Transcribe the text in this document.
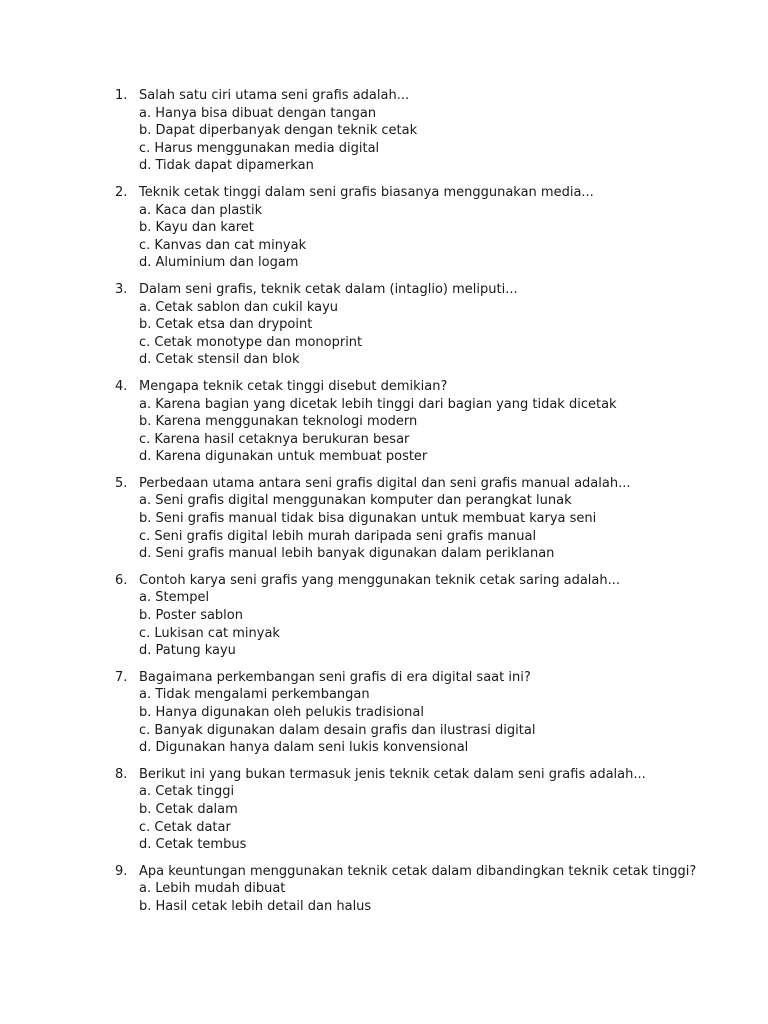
1. Salah satu ciri utama seni grafis adalah...
a. Hanya bisa dibuat dengan tangan
b. Dapat diperbanyak dengan teknik cetak
c. Harus menggunakan media digital
d. Tidak dapat dipamerkan
2. Teknik cetak tinggi dalam seni grafis biasanya menggunakan media...
a. Kaca dan plastik
b. Kayu dan karet
c. Kanvas dan cat minyak
d. Aluminium dan logam
3. Dalam seni grafis, teknik cetak dalam (intaglio) meliputi...
a. Cetak sablon dan cukil kayu
b. Cetak etsa dan drypoint
c. Cetak monotype dan monoprint
d. Cetak stensil dan blok
4. Mengapa teknik cetak tinggi disebut demikian?
a. Karena bagian yang dicetak lebih tinggi dari bagian yang tidak dicetak
b. Karena menggunakan teknologi modern
c. Karena hasil cetaknya berukuran besar
d. Karena digunakan untuk membuat poster
5. Perbedaan utama antara seni grafis digital dan seni grafis manual adalah...
a. Seni grafis digital menggunakan komputer dan perangkat lunak
b. Seni grafis manual tidak bisa digunakan untuk membuat karya seni
c. Seni grafis digital lebih murah daripada seni grafis manual
d. Seni grafis manual lebih banyak digunakan dalam periklanan
6. Contoh karya seni grafis yang menggunakan teknik cetak saring adalah...
a. Stempel
b. Poster sablon
c. Lukisan cat minyak
d. Patung kayu
7. Bagaimana perkembangan seni grafis di era digital saat ini?
a. Tidak mengalami perkembangan
b. Hanya digunakan oleh pelukis tradisional
c. Banyak digunakan dalam desain grafis dan ilustrasi digital
d. Digunakan hanya dalam seni lukis konvensional
8. Berikut ini yang bukan termasuk jenis teknik cetak dalam seni grafis adalah...
a. Cetak tinggi
b. Cetak dalam
c. Cetak datar
d. Cetak tembus
9. Apa keuntungan menggunakan teknik cetak dalam dibandingkan teknik cetak tinggi?
a. Lebih mudah dibuat
b. Hasil cetak lebih detail dan halus
